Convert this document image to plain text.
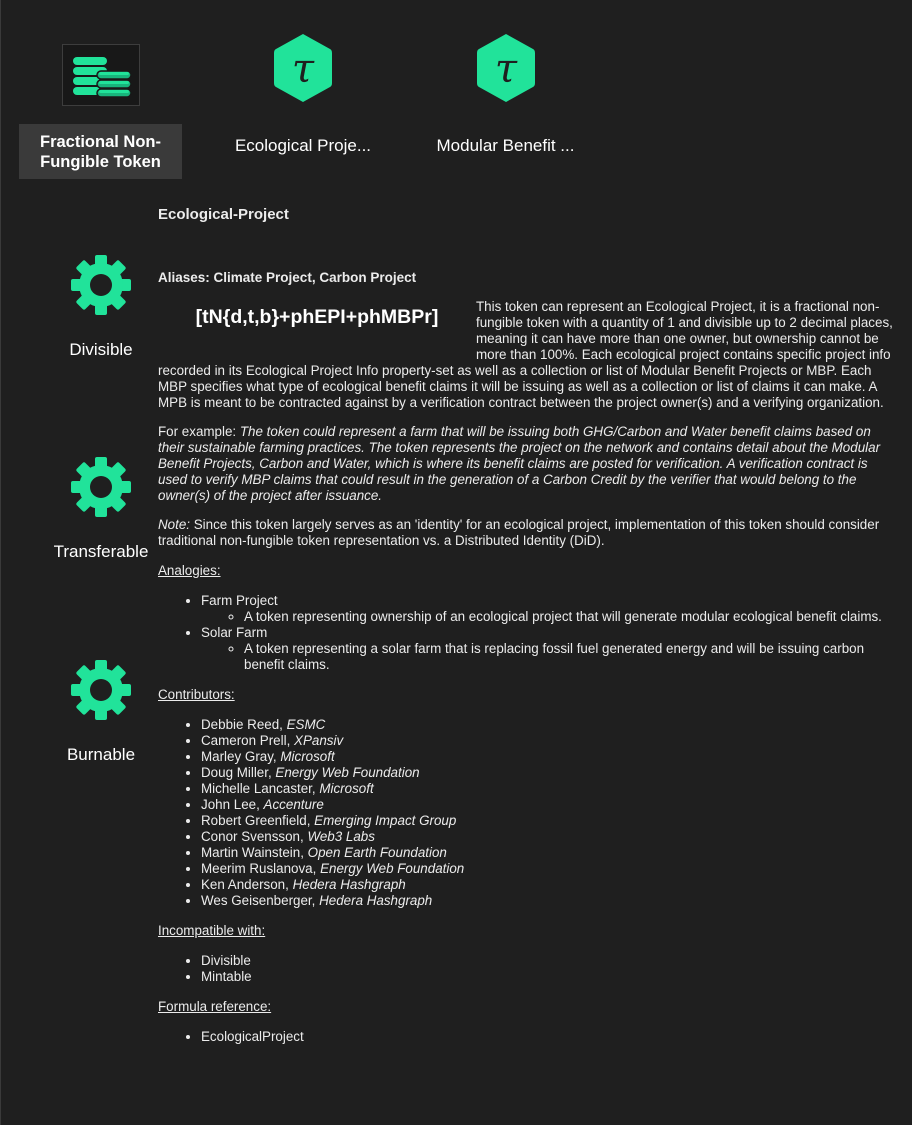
Fractional Non-Fungible Token
τ
Ecological Proje...
τ
Modular Benefit ...
Divisible
Transferable
Burnable
Ecological-Project
Aliases: Climate Project, Carbon Project
[tN{d,t,b}+phEPI+phMBPr]	This token can represent an Ecological Project, it is a fractional non-fungible token with a quantity of 1 and divisible up to 2 decimal places, meaning it can have more than one owner, but ownership cannot be more than 100%. Each ecological project contains specific project info recorded in its Ecological Project Info property-set as well as a collection or list of Modular Benefit Projects or MBP. Each MBP specifies what type of ecological benefit claims it will be issuing as well as a collection or list of claims it can make. A MPB is meant to be contracted against by a verification contract between the project owner(s) and a verifying organization.
For example: The token could represent a farm that will be issuing both GHG/Carbon and Water benefit claims based on their sustainable farming practices. The token represents the project on the network and contains detail about the Modular Benefit Projects, Carbon and Water, which is where its benefit claims are posted for verification. A verification contract is used to verify MBP claims that could result in the generation of a Carbon Credit by the verifier that would belong to the owner(s) of the project after issuance.
Note: Since this token largely serves as an 'identity' for an ecological project, implementation of this token should consider traditional non-fungible token representation vs. a Distributed Identity (DiD).
Analogies:
• Farm Project
◦ A token representing ownership of an ecological project that will generate modular ecological benefit claims.
• Solar Farm
◦ A token representing a solar farm that is replacing fossil fuel generated energy and will be issuing carbon benefit claims.
Contributors:
• Debbie Reed, ESMC
• Cameron Prell, XPansiv
• Marley Gray, Microsoft
• Doug Miller, Energy Web Foundation
• Michelle Lancaster, Microsoft
• John Lee, Accenture
• Robert Greenfield, Emerging Impact Group
• Conor Svensson, Web3 Labs
• Martin Wainstein, Open Earth Foundation
• Meerim Ruslanova, Energy Web Foundation
• Ken Anderson, Hedera Hashgraph
• Wes Geisenberger, Hedera Hashgraph
Incompatible with:
• Divisible
• Mintable
Formula reference:
• EcologicalProject
